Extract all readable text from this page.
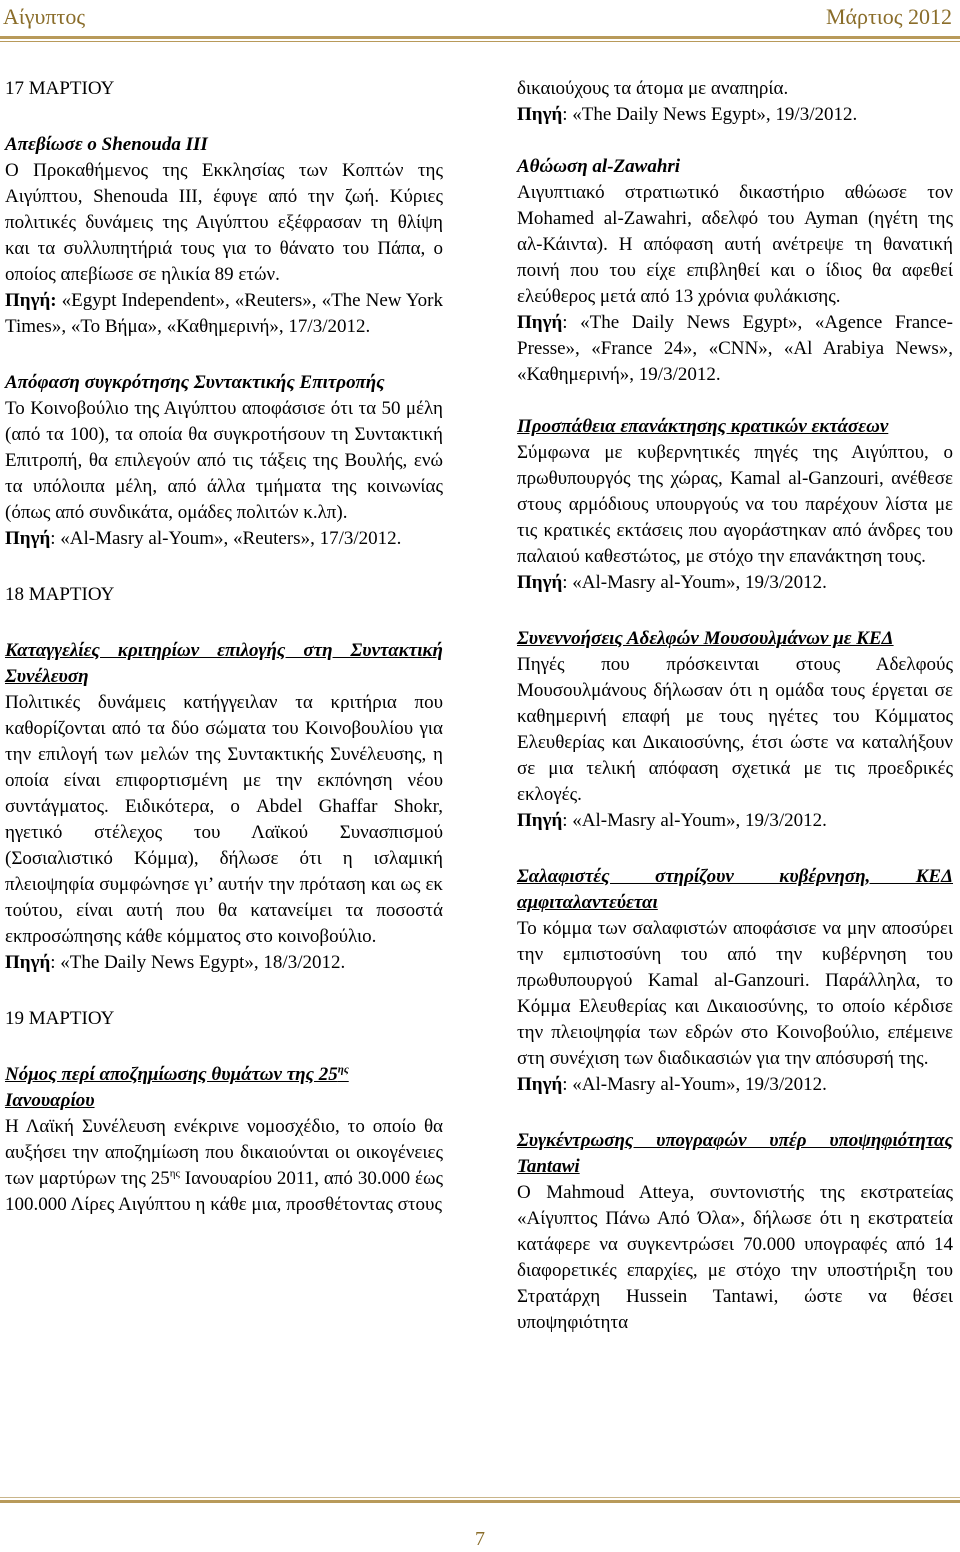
Αίγυπτος	Μάρτιος 2012

17 ΜΑΡΤΙΟΥ

Απεβίωσε ο Shenouda III

Ο Προκαθήμενος της Εκκλησίας των Κοπτών της Αιγύπτου, Shenouda III, έφυγε από την ζωή. Κύριες πολιτικές δυνάμεις της Αιγύπτου εξέφρασαν τη θλίψη και τα συλλυπητήριά τους για το θάνατο του Πάπα, ο οποίος απεβίωσε σε ηλικία 89 ετών.

Πηγή: «Egypt Independent», «Reuters», «The New York Times», «Το Βήμα», «Καθημερινή», 17/3/2012.

Απόφαση συγκρότησης Συντακτικής Επιτροπής

Το Κοινοβούλιο της Αιγύπτου αποφάσισε ότι τα 50 μέλη (από τα 100), τα οποία θα συγκροτήσουν τη Συντακτική Επιτροπή, θα επιλεγούν από τις τάξεις της Βουλής, ενώ τα υπόλοιπα μέλη, από άλλα τμήματα της κοινωνίας (όπως από συνδικάτα, ομάδες πολιτών κ.λπ).

Πηγή: «Al-Masry al-Youm», «Reuters», 17/3/2012.

18 ΜΑΡΤΙΟΥ

Καταγγελίες κριτηρίων επιλογής στη Συντακτική Συνέλευση

Πολιτικές δυνάμεις κατήγγειλαν τα κριτήρια που καθορίζονται από τα δύο σώματα του Κοινοβουλίου για την επιλογή των μελών της Συντακτικής Συνέλευσης, η οποία είναι επιφορτισμένη με την εκπόνηση νέου συντάγματος. Ειδικότερα, ο Abdel Ghaffar Shokr, ηγετικό στέλεχος του Λαϊκού Συνασπισμού (Σοσιαλιστικό Κόμμα), δήλωσε ότι η ισλαμική πλειοψηφία συμφώνησε γι’ αυτήν την πρόταση και ως εκ τούτου, είναι αυτή που θα κατανείμει τα ποσοστά εκπροσώπησης κάθε κόμματος στο κοινοβούλιο.

Πηγή: «The Daily News Egypt», 18/3/2012.

19 ΜΑΡΤΙΟΥ

Νόμος περί αποζημίωσης θυμάτων της $25^{\eta\varsigma}$
Ιανουαρίου

Η Λαϊκή Συνέλευση ενέκρινε νομοσχέδιο, το οποίο θα αυξήσει την αποζημίωση που δικαιούνται οι οικογένειες των μαρτύρων της $25^{\eta\varsigma}$ Ιανουαρίου 2011, από 30.000 έως 100.000 Λίρες Αιγύπτου η κάθε μια, προσθέτοντας στους

δικαιούχους τα άτομα με αναπηρία.

Πηγή: «The Daily News Egypt», 19/3/2012.

Αθώωση al-Zawahri

Αιγυπτιακό στρατιωτικό δικαστήριο αθώωσε τον Mohamed al-Zawahri, αδελφό του Ayman (ηγέτη της αλ-Κάιντα). Η απόφαση αυτή ανέτρεψε τη θανατική ποινή που του είχε επιβληθεί και ο ίδιος θα αφεθεί ελεύθερος μετά από 13 χρόνια φυλάκισης.

Πηγή: «The Daily News Egypt», «Agence France-Presse», «France 24», «CNN», «Al Arabiya News», «Καθημερινή», 19/3/2012.

Προσπάθεια επανάκτησης κρατικών εκτάσεων

Σύμφωνα με κυβερνητικές πηγές της Αιγύπτου, ο πρωθυπουργός της χώρας, Kamal al-Ganzouri, ανέθεσε στους αρμόδιους υπουργούς να του παρέχουν λίστα με τις κρατικές εκτάσεις που αγοράστηκαν από άνδρες του παλαιού καθεστώτος, με στόχο την επανάκτηση τους.

Πηγή: «Al-Masry al-Youm», 19/3/2012.

Συνεννοήσεις Αδελφών Μουσουλμάνων με ΚΕΔ

Πηγές που πρόσκεινται στους Αδελφούς Μουσουλμάνους δήλωσαν ότι η ομάδα τους έργεται σε καθημερινή επαφή με τους ηγέτες του Κόμματος Ελευθερίας και Δικαιοσύνης, έτσι ώστε να καταλήξουν σε μια τελική απόφαση σχετικά με τις προεδρικές εκλογές.

Πηγή: «Al-Masry al-Youm», 19/3/2012.

Σαλαφιστές στηρίζουν κυβέρνηση, ΚΕΔ αμφιταλαντεύεται

Το κόμμα των σαλαφιστών αποφάσισε να μην αποσύρει την εμπιστοσύνη του από την κυβέρνηση του πρωθυπουργού Kamal al-Ganzouri. Παράλληλα, το Κόμμα Ελευθερίας και Δικαιοσύνης, το οποίο κέρδισε την πλειοψηφία των εδρών στο Κοινοβούλιο, επέμεινε στη συνέχιση των διαδικασιών για την απόσυρσή της.

Πηγή: «Al-Masry al-Youm», 19/3/2012.

Συγκέντρωσης υπογραφών υπέρ υποψηφιότητας Tantawi

Ο Mahmoud Atteya, συντονιστής της εκστρατείας «Αίγυπτος Πάνω Από Όλα», δήλωσε ότι η εκστρατεία κατάφερε να συγκεντρώσει 70.000 υπογραφές από 14 διαφορετικές επαρχίες, με στόχο την υποστήριξη του Στρατάρχη Hussein Tantawi, ώστε να θέσει υποψηφιότητα

7
